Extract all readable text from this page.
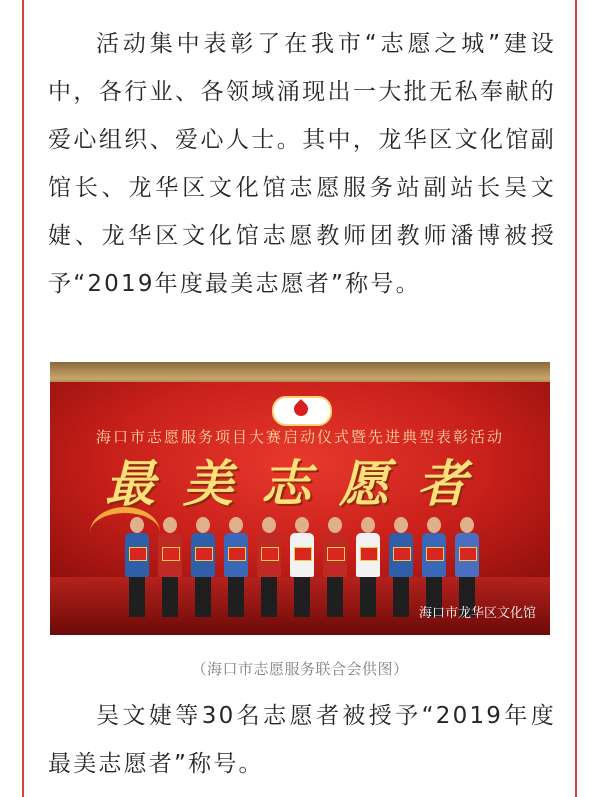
活动集中表彰了在我市“志愿之城”建设中，各行业、各领域涌现出一大批无私奉献的爱心组织、爱心人士。其中，龙华区文化馆副馆长、龙华区文化馆志愿服务站副站长吴文婕、龙华区文化馆志愿教师团教师潘博被授予“2019年度最美志愿者”称号。

海口市志愿服务项目大赛启动仪式暨先进典型表彰活动
最美志愿者
海口市龙华区文化馆
（海口市志愿服务联合会供图）

吴文婕等30名志愿者被授予“2019年度最美志愿者”称号。
